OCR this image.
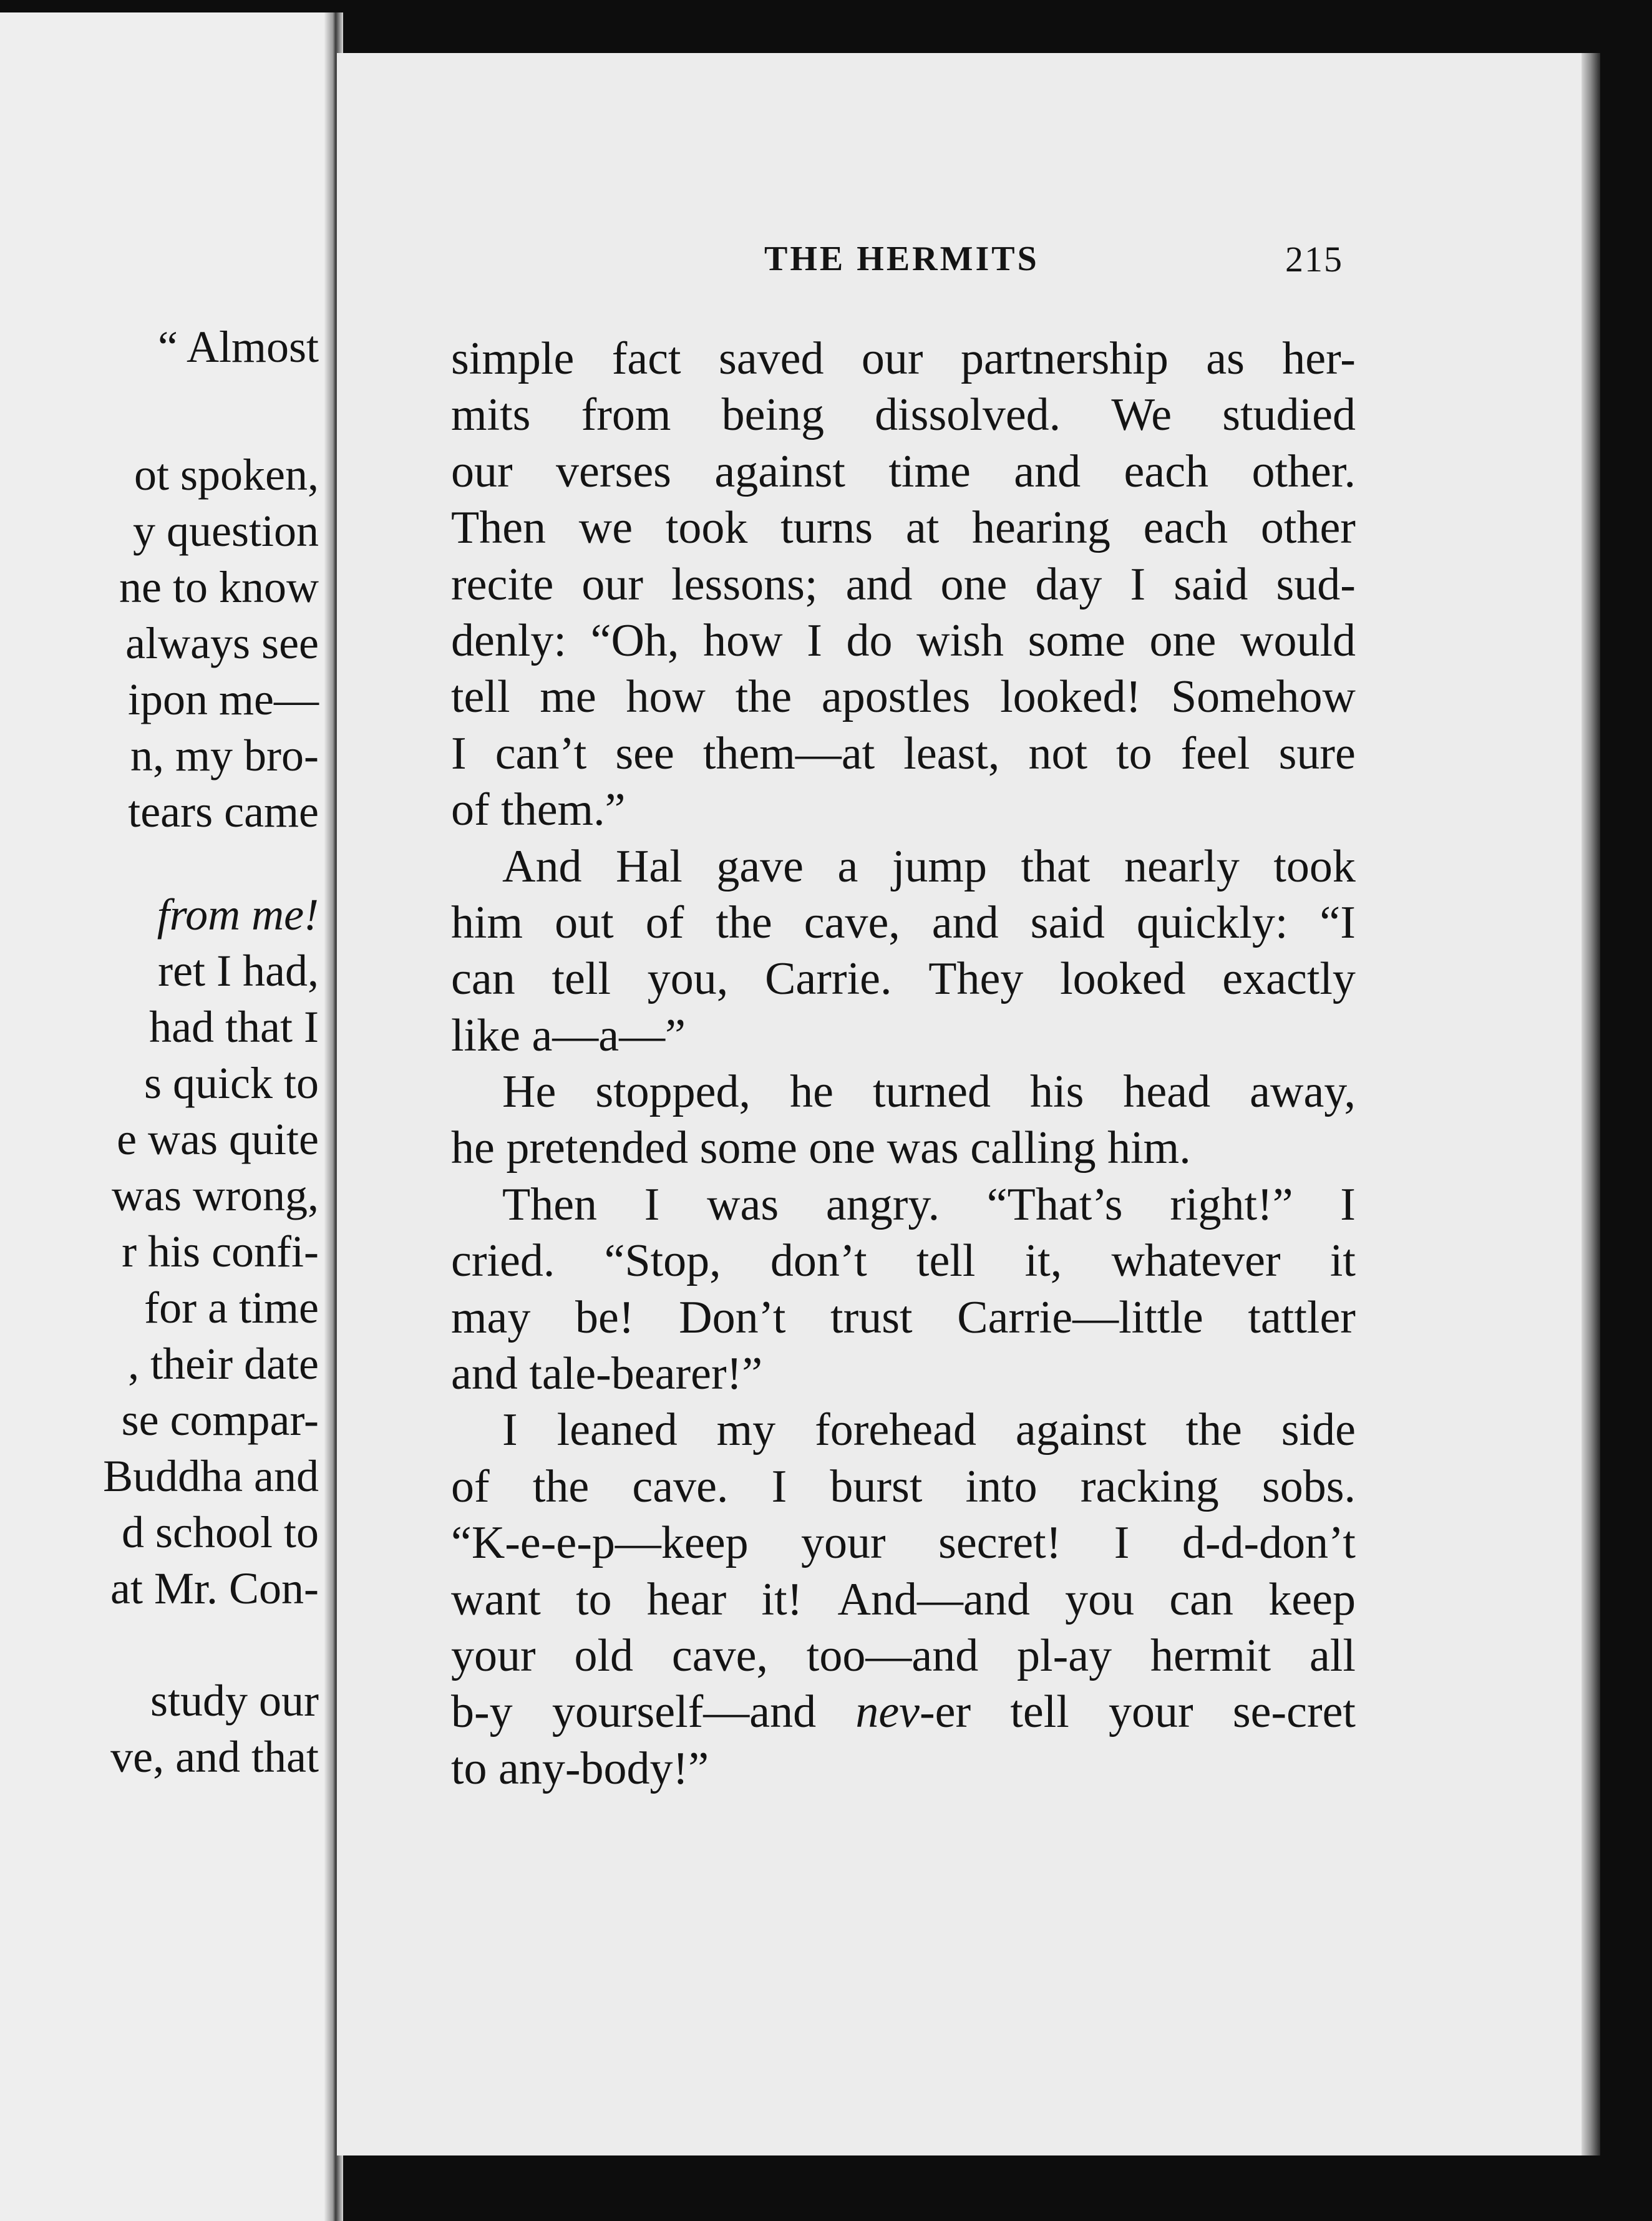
“ Almost
ot spoken,
y question
ne to know
always see
ipon me—
n, my bro-
tears came
from me!
ret I had,
had that I
s quick to
e was quite
was wrong,
r his confi-
for a time
, their date
se compar-
Buddha and
d school to
at Mr. Con-
study our
ve, and that
THE HERMITS	215
simple fact saved our partnership as her-
mits from being dissolved. We studied
our verses against time and each other.
Then we took turns at hearing each other
recite our lessons; and one day I said sud-
denly: “Oh, how I do wish some one would
tell me how the apostles looked! Somehow
I can’t see them—at least, not to feel sure
of them.”
And Hal gave a jump that nearly took
him out of the cave, and said quickly: “I
can tell you, Carrie. They looked exactly
like a—a—”
He stopped, he turned his head away,
he pretended some one was calling him.
Then I was angry. “That’s right!” I
cried. “Stop, don’t tell it, whatever it
may be! Don’t trust Carrie—little tattler
and tale-bearer!”
I leaned my forehead against the side
of the cave. I burst into racking sobs.
“K-e-e-p—keep your secret! I d-d-don’t
want to hear it! And—and you can keep
your old cave, too—and pl-ay hermit all
b-y yourself—and nev-er tell your se-cret
to any-body!”
